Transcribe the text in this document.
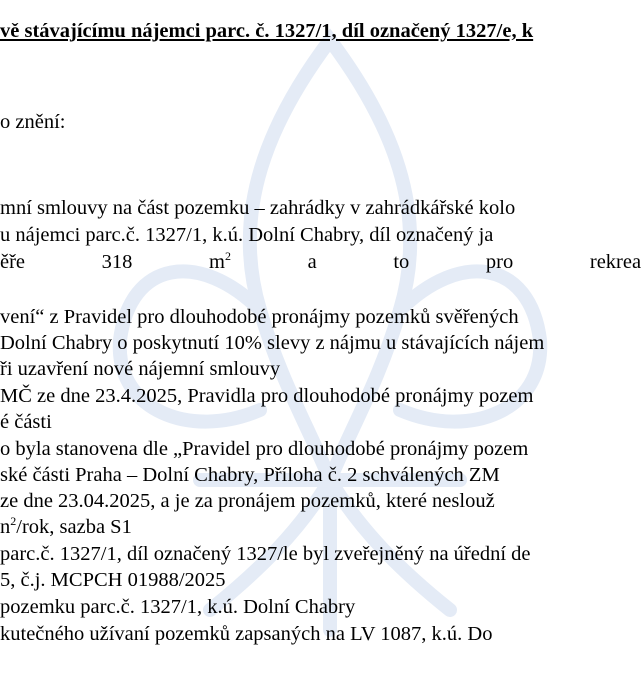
vě stávajícímu nájemci parc. č. 1327/1, díl označený 1327/e, k
o znění:
mní smlouvy na část pozemku – zahrádky v zahrádkářské kolo
u nájemci parc.č. 1327/1, k.ú. Dolní Chabry, díl označený ja
ěře	318	$m^2$	a	to	pro	rekrea
vení“ z Pravidel pro dlouhodobé pronájmy pozemků svěřených
Dolní Chabry o poskytnutí 10% slevy z nájmu u stávajících nájem
ři uzavření nové nájemní smlouvy
MČ ze dne 23.4.2025, Pravidla pro dlouhodobé pronájmy pozem
é části
o byla stanovena dle „Pravidel pro dlouhodobé pronájmy pozem
ské části Praha – Dolní Chabry, Příloha č. 2 schválených ZM
ze dne 23.04.2025, a je za pronájem pozemků, které neslouž
$n^2$/rok, sazba S1
parc.č. 1327/1, díl označený 1327/le byl zveřejněný na úřední de
5, č.j. MCPCH 01988/2025
pozemku parc.č. 1327/1, k.ú. Dolní Chabry
kutečného užívaní pozemků zapsaných na LV 1087, k.ú. Do
